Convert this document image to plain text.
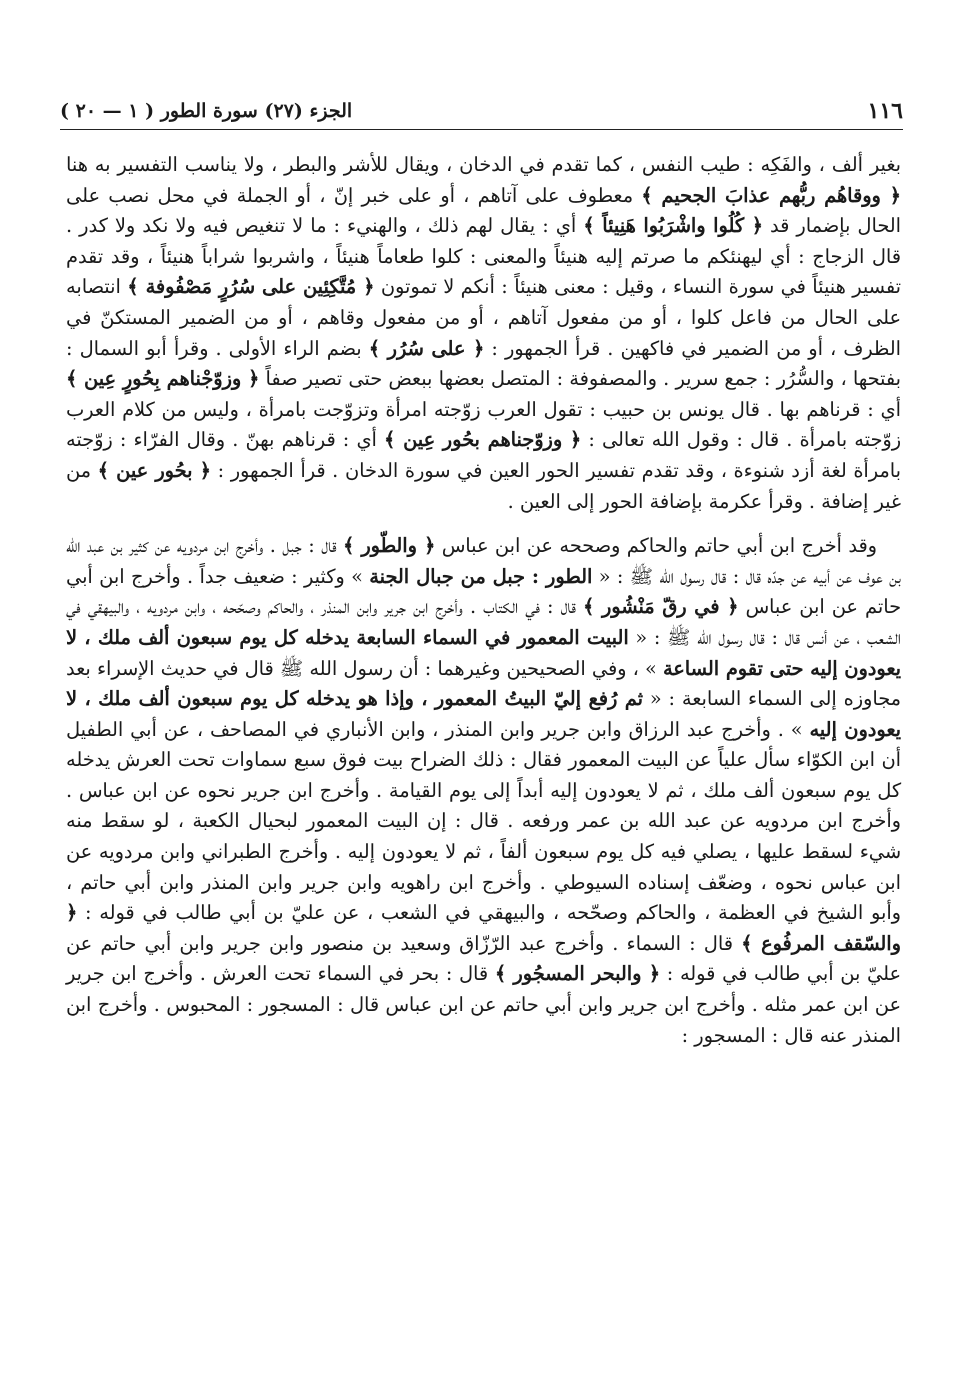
١١٦
الجزء (٢٧) سورة الطور ( ١ — ٢٠ )

بغير ألف ، والفَكِه : طيب النفس ، كما تقدم في الدخان ، ويقال للأشر والبطر ، ولا يناسب التفسير به هنا ﴿ ووقاهُم ربُّهم عذابَ الجحيم ﴾ معطوف على آتاهم ، أو على خبر إنّ ، أو الجملة في محل نصب على الحال بإضمار قد ﴿ كُلُوا واشْرَبُوا هَنِيئاً ﴾ أي : يقال لهم ذلك ، والهنيء : ما لا تنغيص فيه ولا نكد ولا كدر . قال الزجاج : أي ليهنئكم ما صرتم إليه هنيئاً والمعنى : كلوا طعاماً هنيئاً ، واشربوا شراباً هنيئاً ، وقد تقدم تفسير هنيئاً في سورة النساء ، وقيل : معنى هنيئاً : أنكم لا تموتون ﴿ مُتَّكِئِين على سُرُرٍ مَصْفُوفة ﴾ انتصابه على الحال من فاعل كلوا ، أو من مفعول آتاهم ، أو من مفعول وقاهم ، أو من الضمير المستكنّ في الظرف ، أو من الضمير في فاكهين . قرأ الجمهور : ﴿ على سُرُر ﴾ بضم الراء الأولى . وقرأ أبو السمال : بفتحها ، والسُّرُر : جمع سرير . والمصفوفة : المتصل بعضها ببعض حتى تصير صفاً ﴿ وزوّجْناهم بِحُورٍ عِين ﴾ أي : قرناهم بها . قال يونس بن حبيب : تقول العرب زوّجته امرأة وتزوّجت بامرأة ، وليس من كلام العرب زوّجته بامرأة . قال : وقول الله تعالى : ﴿ وزوّجناهم بحُور عِين ﴾ أي : قرناهم بهنّ . وقال الفرّاء : زوّجته بامرأة لغة أزد شنوءة ، وقد تقدم تفسير الحور العين في سورة الدخان . قرأ الجمهور : ﴿ بحُور عين ﴾ من غير إضافة . وقرأ عكرمة بإضافة الحور إلى العين .

وقد أخرج ابن أبي حاتم والحاكم وصححه عن ابن عباس ﴿ والطّور ﴾ قال : جبل . وأخرج ابن مردويه عن كثير بن عبد الله بن عوف عن أبيه عن جدّه قال : قال رسول الله ﷺ : « الطور : جبل من جبال الجنة » وكثير : ضعيف جداً . وأخرج ابن أبي حاتم عن ابن عباس ﴿ في رقّ مَنْشُور ﴾ قال : في الكتاب . وأخرج ابن جرير وابن المنذر ، والحاكم وصحّحه ، وابن مردويه ، والبيهقي في الشعب ، عن أنس قال : قال رسول الله ﷺ : « البيت المعمور في السماء السابعة يدخله كل يوم سبعون ألف ملك ، لا يعودون إليه حتى تقوم الساعة » ، وفي الصحيحين وغيرهما : أن رسول الله ﷺ قال في حديث الإسراء بعد مجاوزه إلى السماء السابعة : « ثم رُفع إليّ البيتُ المعمور ، وإذا هو يدخله كل يوم سبعون ألف ملك ، لا يعودون إليه » . وأخرج عبد الرزاق وابن جرير وابن المنذر ، وابن الأنباري في المصاحف ، عن أبي الطفيل أن ابن الكوّاء سأل علياً عن البيت المعمور فقال : ذلك الضراح بيت فوق سبع سماوات تحت العرش يدخله كل يوم سبعون ألف ملك ، ثم لا يعودون إليه أبداً إلى يوم القيامة . وأخرج ابن جرير نحوه عن ابن عباس . وأخرج ابن مردويه عن عبد الله بن عمر ورفعه . قال : إن البيت المعمور لبحيال الكعبة ، لو سقط منه شيء لسقط عليها ، يصلي فيه كل يوم سبعون ألفاً ، ثم لا يعودون إليه . وأخرج الطبراني وابن مردويه عن ابن عباس نحوه ، وضعّف إسناده السيوطي . وأخرج ابن راهويه وابن جرير وابن المنذر وابن أبي حاتم ، وأبو الشيخ في العظمة ، والحاكم وصحّحه ، والبيهقي في الشعب ، عن عليّ بن أبي طالب في قوله : ﴿ والسّقف المرفُوع ﴾ قال : السماء . وأخرج عبد الرّزّاق وسعيد بن منصور وابن جرير وابن أبي حاتم عن عليّ بن أبي طالب في قوله : ﴿ والبحر المسجُور ﴾ قال : بحر في السماء تحت العرش . وأخرج ابن جرير عن ابن عمر مثله . وأخرج ابن جرير وابن أبي حاتم عن ابن عباس قال : المسجور : المحبوس . وأخرج ابن المنذر عنه قال : المسجور :
